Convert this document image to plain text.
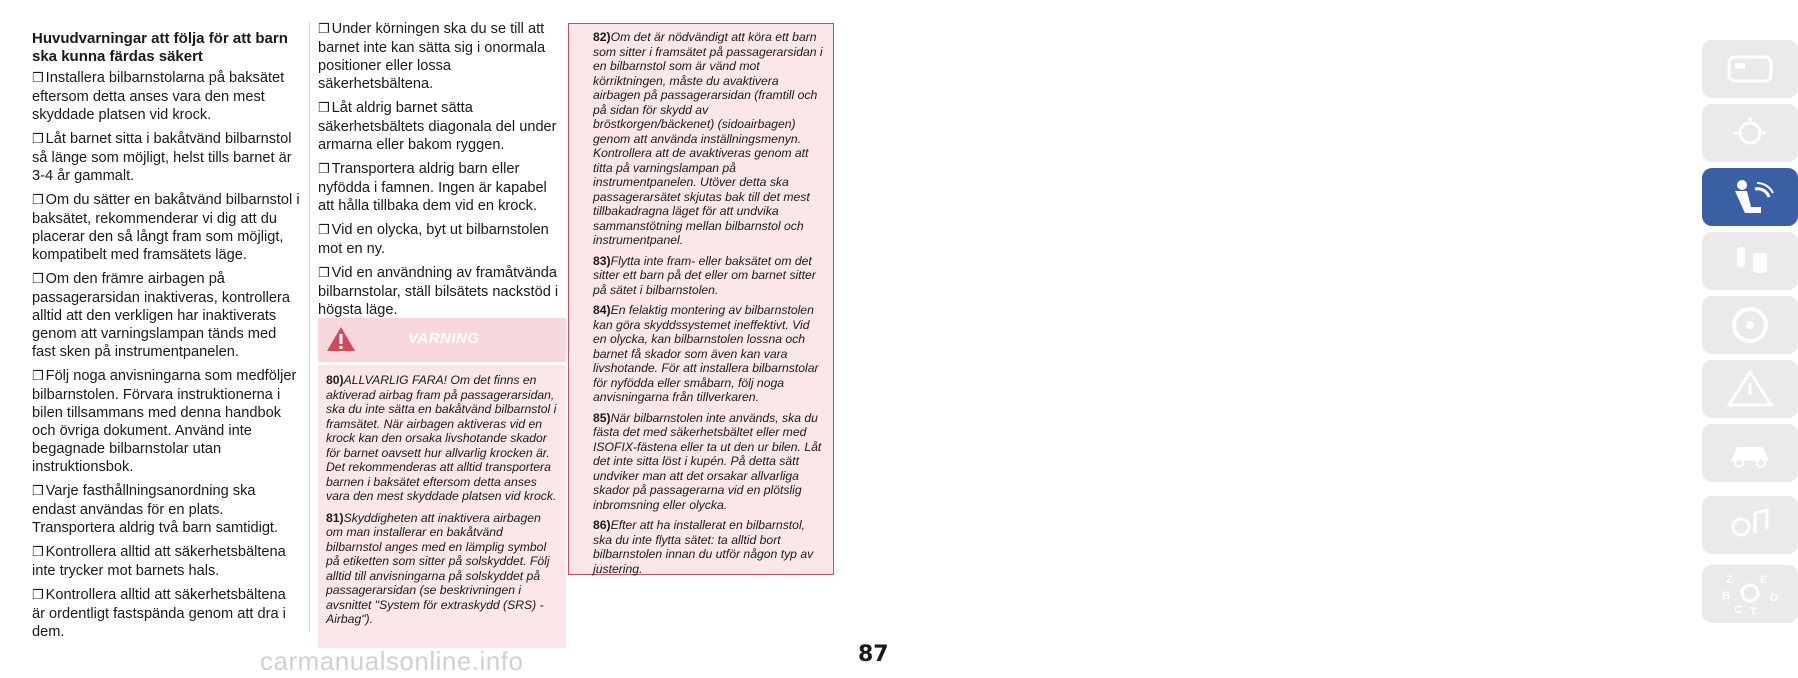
Huvudvarningar att följa för att barn ska kunna färdas säkert

❒ Installera bilbarnstolarna på baksätet eftersom detta anses vara den mest skyddade platsen vid krock.

❒ Låt barnet sitta i bakåtvänd bilbarnstol så länge som möjligt, helst tills barnet är 3-4 år gammalt.

❒ Om du sätter en bakåtvänd bilbarnstol i baksätet, rekommenderar vi dig att du placerar den så långt fram som möjligt, kompatibelt med framsätets läge.

❒ Om den främre airbagen på passagerarsidan inaktiveras, kontrollera alltid att den verkligen har inaktiverats genom att varningslampan tänds med fast sken på instrumentpanelen.

❒ Följ noga anvisningarna som medföljer bilbarnstolen. Förvara instruktionerna i bilen tillsammans med denna handbok och övriga dokument. Använd inte begagnade bilbarnstolar utan instruktionsbok.

❒ Varje fasthållningsanordning ska endast användas för en plats. Transportera aldrig två barn samtidigt.

❒ Kontrollera alltid att säkerhetsbältena inte trycker mot barnets hals.

❒ Kontrollera alltid att säkerhetsbältena är ordentligt fastspända genom att dra i dem.

❒ Under körningen ska du se till att barnet inte kan sätta sig i onormala positioner eller lossa säkerhetsbältena.

❒ Låt aldrig barnet sätta säkerhetsbältets diagonala del under armarna eller bakom ryggen.

❒ Transportera aldrig barn eller nyfödda i famnen. Ingen är kapabel att hålla tillbaka dem vid en krock.

❒ Vid en olycka, byt ut bilbarnstolen mot en ny.

❒ Vid en användning av framåtvända bilbarnstolar, ställ bilsätets nackstöd i högsta läge.

VARNING

80)ALLVARLIG FARA! Om det finns en aktiverad airbag fram på passagerarsidan, ska du inte sätta en bakåtvänd bilbarnstol i framsätet. När airbagen aktiveras vid en krock kan den orsaka livshotande skador för barnet oavsett hur allvarlig krocken är. Det rekommenderas att alltid transportera barnen i baksätet eftersom detta anses vara den mest skyddade platsen vid krock.

81)Skyddigheten att inaktivera airbagen om man installerar en bakåtvänd bilbarnstol anges med en lämplig symbol på etiketten som sitter på solskyddet. Följ alltid till anvisningarna på solskyddet på passagerarsidan (se beskrivningen i avsnittet "System för extraskydd (SRS) - Airbag").

82)Om det är nödvändigt att köra ett barn som sitter i framsätet på passagerarsidan i en bilbarnstol som är vänd mot körriktningen, måste du avaktivera airbagen på passagerarsidan (framtill och på sidan för skydd av bröstkorgen/bäckenet) (sidoairbagen) genom att använda inställningsmenyn. Kontrollera att de avaktiveras genom att titta på varningslampan på instrumentpanelen. Utöver detta ska passagerarsätet skjutas bak till det mest tillbakadragna läget för att undvika sammanstötning mellan bilbarnstol och instrumentpanel.

83)Flytta inte fram- eller baksätet om det sitter ett barn på det eller om barnet sitter på sätet i bilbarnstolen.

84)En felaktig montering av bilbarnstolen kan göra skyddssystemet ineffektivt. Vid en olycka, kan bilbarnstolen lossna och barnet få skador som även kan vara livshotande. För att installera bilbarnstolar för nyfödda eller småbarn, följ noga anvisningarna från tillverkaren.

85)När bilbarnstolen inte används, ska du fästa det med säkerhetsbältet eller med ISOFIX-fästena eller ta ut den ur bilen. Låt det inte sitta löst i kupén. På detta sätt undviker man att det orsakar allvarliga skador på passagerarna vid en plötslig inbromsning eller olycka.

86)Efter att ha installerat en bilbarnstol, ska du inte flytta sätet: ta alltid bort bilbarnstolen innan du utför någon typ av justering.

Z E
B	D
C T
carmanualsonline.info	87
